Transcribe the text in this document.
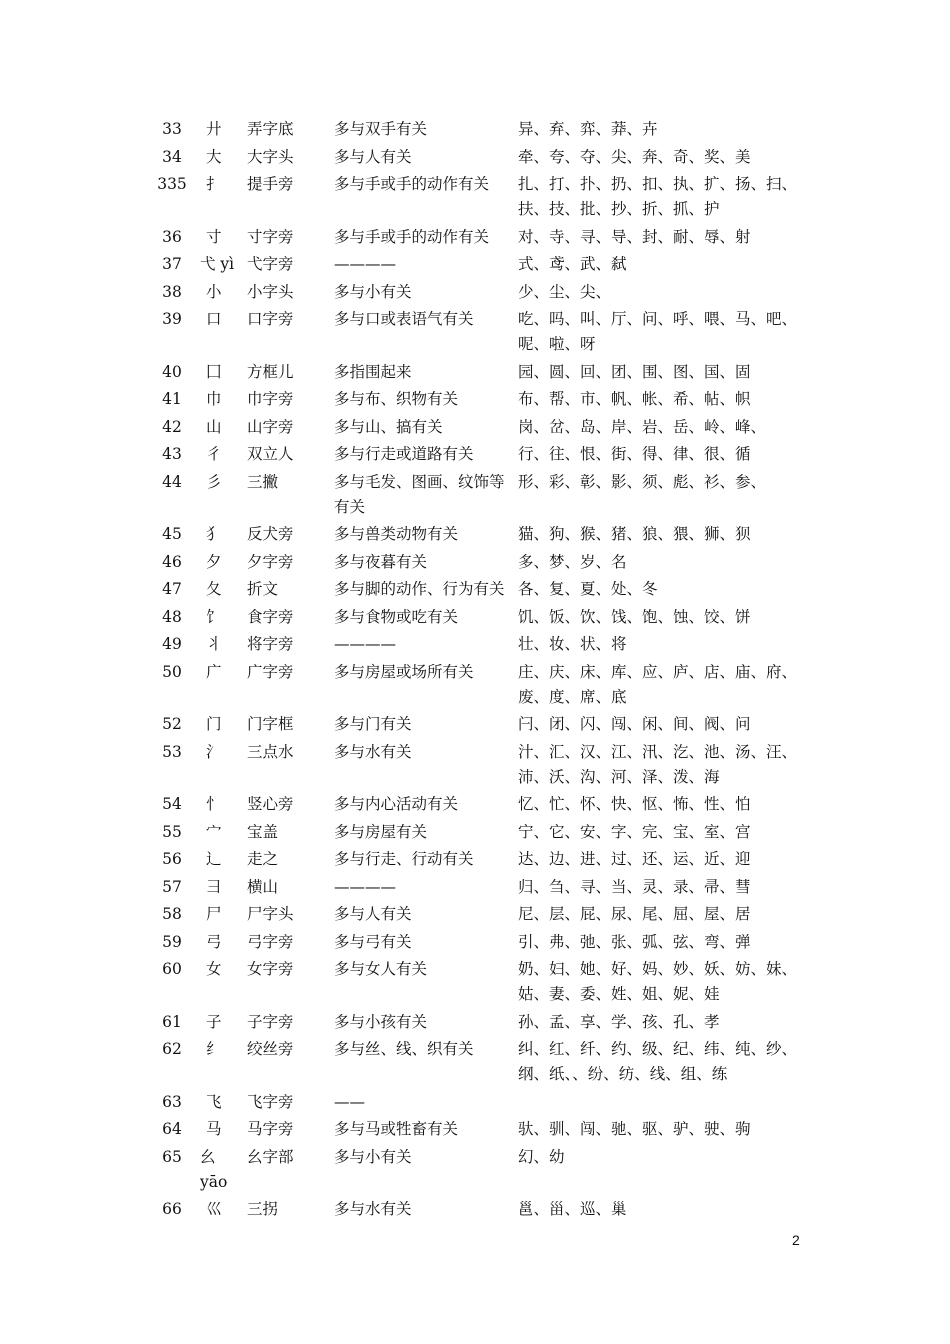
33	廾	弄字底	多与双手有关	异、弃、弈、莽、卉
34	大	大字头	多与人有关	牵、夸、夺、尖、奔、奇、奖、美
335	扌	提手旁	多与手或手的动作有关	扎、打、扑、扔、扣、执、扩、扬、扫、扶、技、批、抄、折、抓、护
36	寸	寸字旁	多与手或手的动作有关	对、寺、寻、导、封、耐、辱、射
37	弋 yì	弋字旁	————	式、鸢、武、弑
38	小	小字头	多与小有关	少、尘、尖、
39	口	口字旁	多与口或表语气有关	吃、吗、叫、厅、问、呼、喂、马、吧、呢、啦、呀
40	囗	方框儿	多指围起来	园、圆、回、团、围、图、国、固
41	巾	巾字旁	多与布、织物有关	布、帮、市、帆、帐、希、帖、帜
42	山	山字旁	多与山、搞有关	岗、岔、岛、岸、岩、岳、岭、峰、
43	彳	双立人	多与行走或道路有关	行、往、恨、街、得、律、很、循
44	彡	三撇	多与毛发、图画、纹饰等有关	形、彩、彰、影、须、彪、衫、参、
45	犭	反犬旁	多与兽类动物有关	猫、狗、猴、猪、狼、猥、狮、狈
46	夕	夕字旁	多与夜暮有关	多、梦、岁、名
47	夂	折文	多与脚的动作、行为有关	各、复、夏、处、冬
48	饣	食字旁	多与食物或吃有关	饥、饭、饮、饯、饱、蚀、饺、饼
49	丬	将字旁	————	壮、妆、状、将
50	广	广字旁	多与房屋或场所有关	庄、庆、床、库、应、庐、店、庙、府、废、度、席、底
52	门	门字框	多与门有关	闩、闭、闪、闯、闲、间、阀、问
53	氵	三点水	多与水有关	汁、汇、汉、江、汛、汔、池、汤、汪、沛、沃、沟、河、泽、泼、海
54	忄	竖心旁	多与内心活动有关	忆、忙、怀、快、怄、怖、性、怕
55	宀	宝盖	多与房屋有关	宁、它、安、字、完、宝、室、宫
56	辶	走之	多与行走、行动有关	达、边、进、过、还、运、近、迎
57	彐	横山	————	归、刍、寻、当、灵、录、帚、彗
58	尸	尸字头	多与人有关	尼、层、屁、尿、尾、屈、屋、居
59	弓	弓字旁	多与弓有关	引、弗、弛、张、弧、弦、弯、弹
60	女	女字旁	多与女人有关	奶、妇、她、好、妈、妙、妖、妨、妹、姑、妻、委、姓、姐、妮、娃
61	子	子字旁	多与小孩有关	孙、孟、享、学、孩、孔、孝
62	纟	绞丝旁	多与丝、线、织有关	纠、红、纤、约、级、纪、纬、纯、纱、纲、纸、、纷、纺、线、组、练
63	飞	飞字旁	——	
64	马	马字旁	多与马或牲畜有关	驮、驯、闯、驰、驱、驴、驶、驹
65	幺 yāo	幺字部	多与小有关	幻、幼
66	巛	三拐	多与水有关	邕、甾、巡、巢
2
